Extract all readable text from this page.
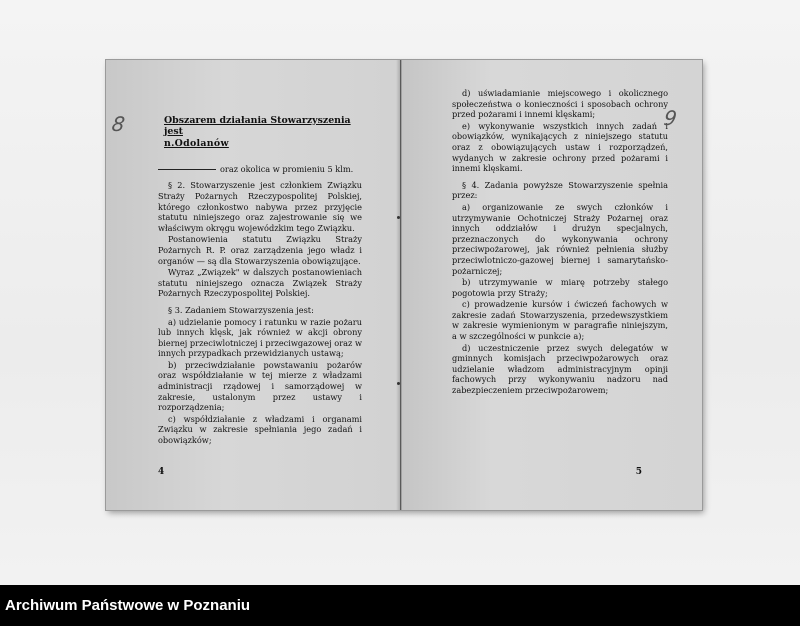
Obszarem działania Stowarzyszenia jest
n.Odolanów
oraz okolica w promieniu 5 klm.

§ 2. Stowarzyszenie jest członkiem Związku Straży Pożarnych Rzeczypospolitej Polskiej, którego członkostwo nabywa przez przyjęcie statutu niniejszego oraz zajestrowanie się we właściwym okręgu wojewódzkim tego Związku.

Postanowienia statutu Związku Straży Pożarnych R. P. oraz zarządzenia jego władz i organów — są dla Stowarzyszenia obowiązujące.

Wyraz „Związek" w dalszych postanowieniach statutu niniejszego oznacza Związek Straży Pożarnych Rzeczypospolitej Polskiej.

§ 3. Zadaniem Stowarzyszenia jest:

a) udzielanie pomocy i ratunku w razie pożaru lub innych klęsk, jak również w akcji obrony biernej przeciwlotniczej i przeciwgazowej oraz w innych przypadkach przewidzianych ustawą;

b) przeciwdziałanie powstawaniu pożarów oraz współdziałanie w tej mierze z władzami administracji rządowej i samorządowej w zakresie, ustalonym przez ustawy i rozporządzenia;

c) współdziałanie z władzami i organami Związku w zakresie spełniania jego zadań i obowiązków;

4

d) uświadamianie miejscowego i okolicznego społeczeństwa o konieczności i sposobach ochrony przed pożarami i innemi klęskami;

e) wykonywanie wszystkich innych zadań i obowiązków, wynikających z niniejszego statutu oraz z obowiązujących ustaw i rozporządzeń, wydanych w zakresie ochrony przed pożarami i innemi klęskami.

§ 4. Zadania powyższe Stowarzyszenie spełnia przez:

a) organizowanie ze swych członków i utrzymywanie Ochotniczej Straży Pożarnej oraz innych oddziałów i drużyn specjalnych, przeznaczonych do wykonywania ochrony przeciwpożarowej, jak również pełnienia służby przeciwlotniczo-gazowej biernej i samarytańsko-pożarniczej;

b) utrzymywanie w miarę potrzeby stałego pogotowia przy Straży;

c) prowadzenie kursów i ćwiczeń fachowych w zakresie zadań Stowarzyszenia, przedewszystkiem w zakresie wymienionym w paragrafie niniejszym, a w szczególności w punkcie a);

d) uczestniczenie przez swych delegatów w gminnych komisjach przeciwpożarowych oraz udzielanie władzom administracyjnym opinji fachowych przy wykonywaniu nadzoru nad zabezpieczeniem przeciwpożarowem;

5
8	9
Archiwum Państwowe w Poznaniu
